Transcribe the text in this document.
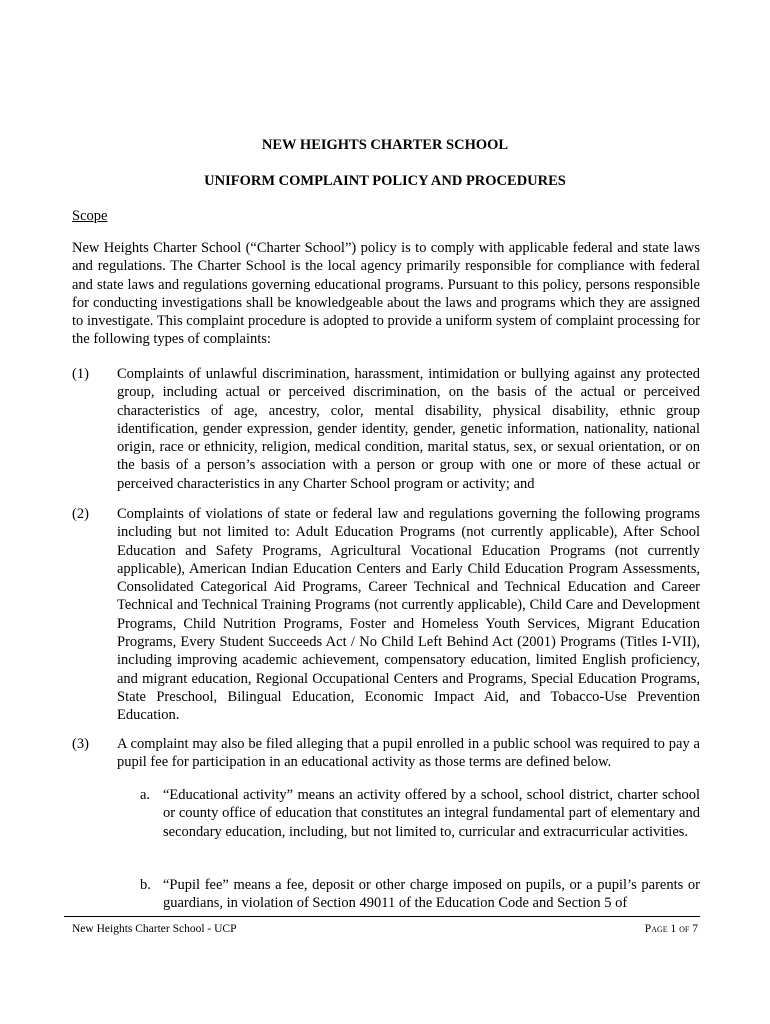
NEW HEIGHTS CHARTER SCHOOL
UNIFORM COMPLAINT POLICY AND PROCEDURES
Scope
New Heights Charter School (“Charter School”) policy is to comply with applicable federal and state laws and regulations. The Charter School is the local agency primarily responsible for compliance with federal and state laws and regulations governing educational programs. Pursuant to this policy, persons responsible for conducting investigations shall be knowledgeable about the laws and programs which they are assigned to investigate. This complaint procedure is adopted to provide a uniform system of complaint processing for the following types of complaints:
(1) Complaints of unlawful discrimination, harassment, intimidation or bullying against any protected group, including actual or perceived discrimination, on the basis of the actual or perceived characteristics of age, ancestry, color, mental disability, physical disability, ethnic group identification, gender expression, gender identity, gender, genetic information, nationality, national origin, race or ethnicity, religion, medical condition, marital status, sex, or sexual orientation, or on the basis of a person’s association with a person or group with one or more of these actual or perceived characteristics in any Charter School program or activity; and
(2) Complaints of violations of state or federal law and regulations governing the following programs including but not limited to: Adult Education Programs (not currently applicable), After School Education and Safety Programs, Agricultural Vocational Education Programs (not currently applicable), American Indian Education Centers and Early Child Education Program Assessments, Consolidated Categorical Aid Programs, Career Technical and Technical Education and Career Technical and Technical Training Programs (not currently applicable), Child Care and Development Programs, Child Nutrition Programs, Foster and Homeless Youth Services, Migrant Education Programs, Every Student Succeeds Act / No Child Left Behind Act (2001) Programs (Titles I-VII), including improving academic achievement, compensatory education, limited English proficiency, and migrant education, Regional Occupational Centers and Programs, Special Education Programs, State Preschool, Bilingual Education, Economic Impact Aid, and Tobacco-Use Prevention Education.
(3) A complaint may also be filed alleging that a pupil enrolled in a public school was required to pay a pupil fee for participation in an educational activity as those terms are defined below.
a. “Educational activity” means an activity offered by a school, school district, charter school or county office of education that constitutes an integral fundamental part of elementary and secondary education, including, but not limited to, curricular and extracurricular activities.
b. “Pupil fee” means a fee, deposit or other charge imposed on pupils, or a pupil’s parents or guardians, in violation of Section 49011 of the Education Code and Section 5 of
New Heights Charter School - UCP	Page 1 of 7
